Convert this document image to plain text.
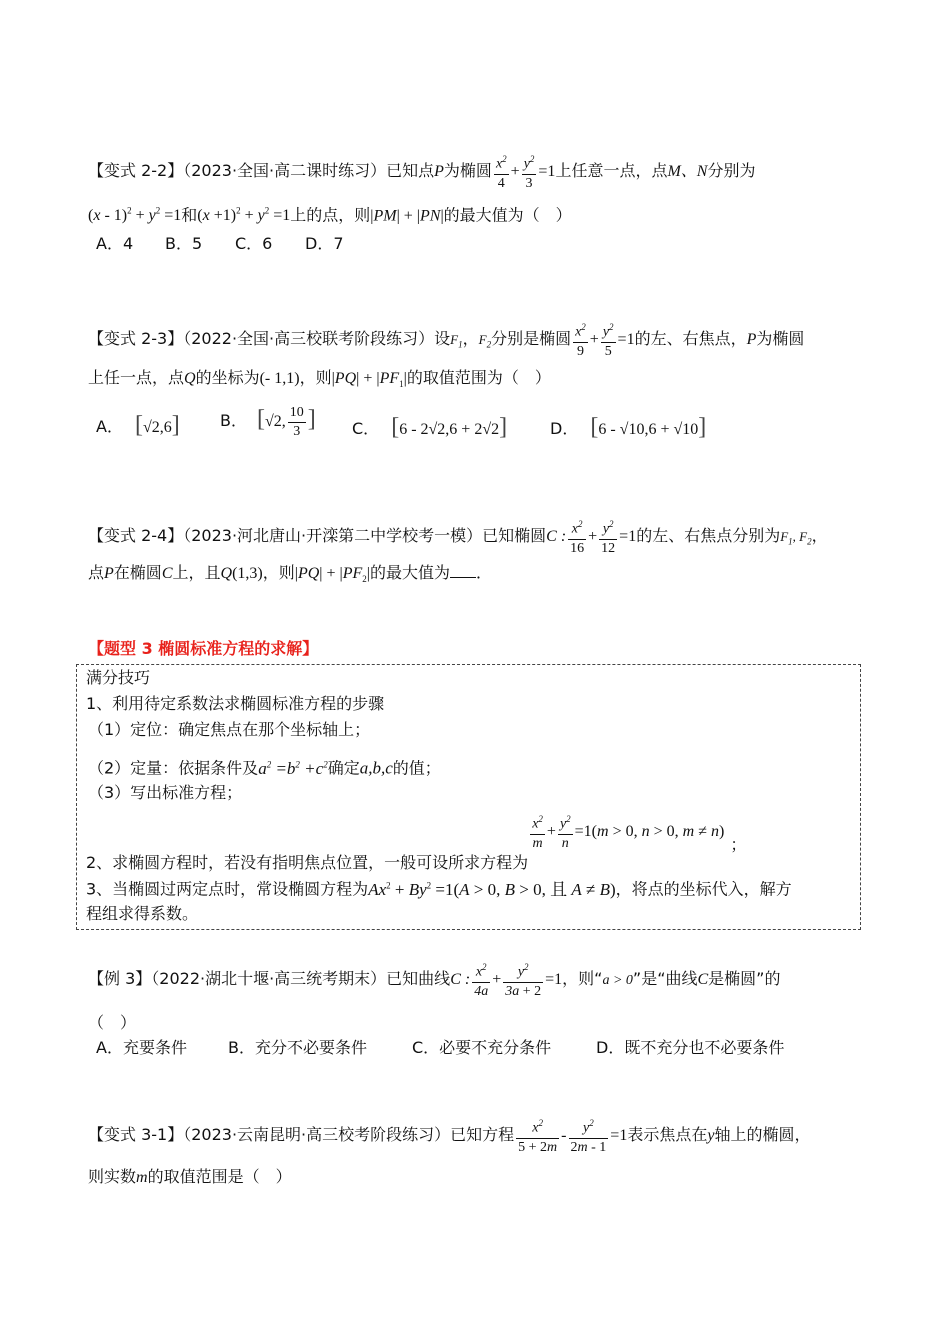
【变式 2-2】（2023·全国·高二课时练习）已知点P为椭圆 $\frac{x^2}{4} + \frac{y^2}{3} =1$上任意一点，点M、N分别为
$(x - 1)^2 + y^2 =1$和$(x +1)^2 + y^2 =1$上的点，则|PM| + |PN|的最大值为（　）
A．4 B．5 C．6 D．7
【变式 2-3】（2022·全国·高三校联考阶段练习）设$F_1$，$F_2$分别是椭圆 $\frac{x^2}{9} + \frac{y^2}{5} =1$的左、右焦点，P为椭圆
上任一点，点Q的坐标为(- 1,1)，则$|PQ| + |PF_1|$的取值范围为（　）
A． [√2,6]	B． [√2, $\frac{10}{3}$ ] C． [6 - 2√2,6 + 2√2]	D． [6 - √10,6 + √10]
【变式 2-4】（2023·河北唐山·开滦第二中学校考一模）已知椭圆C : $\frac{x^2}{16} + \frac{y^2}{12} =1$的左、右焦点分别为$F_1$, $F_2$，
点P在椭圆C上，且Q(1,3)，则$|PQ| + |PF_2|$的最大值为 ．
【题型 3 椭圆标准方程的求解】
满分技巧
1、利用待定系数法求椭圆标准方程的步骤
（1）定位：确定焦点在那个坐标轴上；
（2）定量：依据条件及$a^2 =b^2 +c^2$确定a,b,c的值；
（3）写出标准方程；
2、求椭圆方程时，若没有指明焦点位置，一般可设所求方程为
$\frac{x^2}{m} + \frac{y^2}{n} =1(m > 0$, n > 0, m ≠ n)；
3、当椭圆过两定点时，常设椭圆方程为$Ax^2 + By^2 =1(A > 0$, B > 0, 且 A ≠ B)，将点的坐标代入，解方
程组求得系数。
【例 3】（2022·湖北十堰·高三统考期末）已知曲线C : $\frac{x^2}{4a} + \frac{y^2}{3a + 2} =1$，则“a > 0”是“曲线C是椭圆”的
（　）
A．充要条件	B．充分不必要条件	C．必要不充分条件	D．既不充分也不必要条件
【变式 3-1】（2023·云南昆明·高三校考阶段练习）已知方程 $\frac{x^2}{5 + 2m} - \frac{y^2}{2m - 1} =1$表示焦点在y轴上的椭圆，
则实数m的取值范围是（　）
